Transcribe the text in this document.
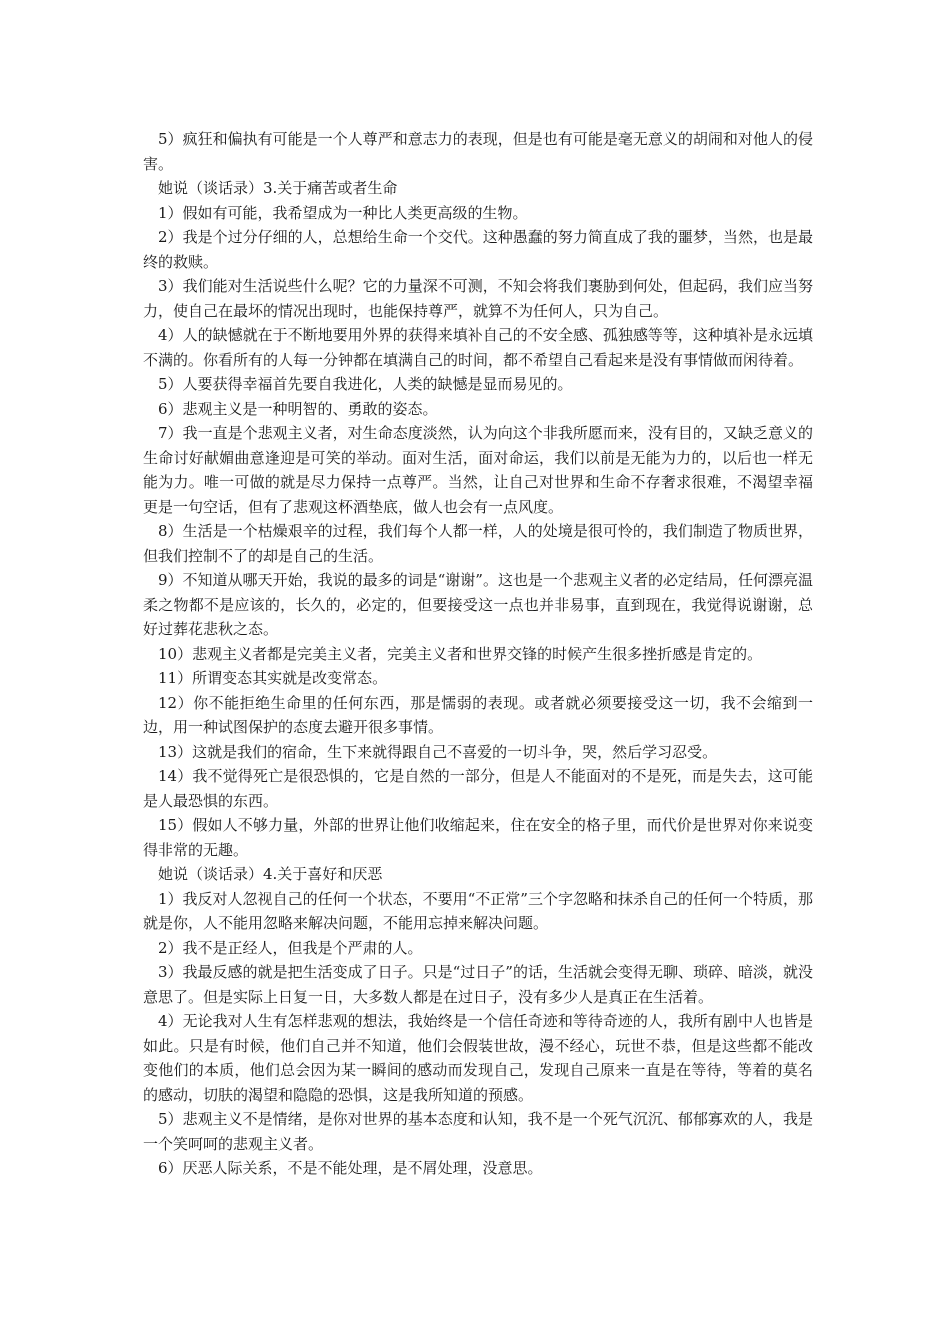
5）疯狂和偏执有可能是一个人尊严和意志力的表现，但是也有可能是毫无意义的胡闹和对他人的侵害。

她说（谈话录）3.关于痛苦或者生命

1）假如有可能，我希望成为一种比人类更高级的生物。

2）我是个过分仔细的人，总想给生命一个交代。这种愚蠢的努力简直成了我的噩梦，当然，也是最终的救赎。

3）我们能对生活说些什么呢？它的力量深不可测，不知会将我们裹胁到何处，但起码，我们应当努力，使自己在最坏的情况出现时，也能保持尊严，就算不为任何人，只为自己。

4）人的缺憾就在于不断地要用外界的获得来填补自己的不安全感、孤独感等等，这种填补是永远填不满的。你看所有的人每一分钟都在填满自己的时间，都不希望自己看起来是没有事情做而闲待着。

5）人要获得幸福首先要自我进化，人类的缺憾是显而易见的。

6）悲观主义是一种明智的、勇敢的姿态。

7）我一直是个悲观主义者，对生命态度淡然，认为向这个非我所愿而来，没有目的，又缺乏意义的生命讨好献媚曲意逢迎是可笑的举动。面对生活，面对命运，我们以前是无能为力的，以后也一样无能为力。唯一可做的就是尽力保持一点尊严。当然，让自己对世界和生命不存奢求很难，不渴望幸福更是一句空话，但有了悲观这杯酒垫底，做人也会有一点风度。

8）生活是一个枯燥艰辛的过程，我们每个人都一样，人的处境是很可怜的，我们制造了物质世界，但我们控制不了的却是自己的生活。

9）不知道从哪天开始，我说的最多的词是“谢谢”。这也是一个悲观主义者的必定结局，任何漂亮温柔之物都不是应该的，长久的，必定的，但要接受这一点也并非易事，直到现在，我觉得说谢谢，总好过葬花悲秋之态。

10）悲观主义者都是完美主义者，完美主义者和世界交锋的时候产生很多挫折感是肯定的。

11）所谓变态其实就是改变常态。

12）你不能拒绝生命里的任何东西，那是懦弱的表现。或者就必须要接受这一切，我不会缩到一边，用一种试图保护的态度去避开很多事情。

13）这就是我们的宿命，生下来就得跟自己不喜爱的一切斗争，哭，然后学习忍受。

14）我不觉得死亡是很恐惧的，它是自然的一部分，但是人不能面对的不是死，而是失去，这可能是人最恐惧的东西。

15）假如人不够力量，外部的世界让他们收缩起来，住在安全的格子里，而代价是世界对你来说变得非常的无趣。

她说（谈话录）4.关于喜好和厌恶

1）我反对人忽视自己的任何一个状态，不要用“不正常”三个字忽略和抹杀自己的任何一个特质，那就是你，人不能用忽略来解决问题，不能用忘掉来解决问题。

2）我不是正经人，但我是个严肃的人。

3）我最反感的就是把生活变成了日子。只是“过日子”的话，生活就会变得无聊、琐碎、暗淡，就没意思了。但是实际上日复一日，大多数人都是在过日子，没有多少人是真正在生活着。

4）无论我对人生有怎样悲观的想法，我始终是一个信任奇迹和等待奇迹的人，我所有剧中人也皆是如此。只是有时候，他们自己并不知道，他们会假装世故，漫不经心，玩世不恭，但是这些都不能改变他们的本质，他们总会因为某一瞬间的感动而发现自己，发现自己原来一直是在等待，等着的莫名的感动，切肤的渴望和隐隐的恐惧，这是我所知道的预感。

5）悲观主义不是情绪，是你对世界的基本态度和认知，我不是一个死气沉沉、郁郁寡欢的人，我是一个笑呵呵的悲观主义者。

6）厌恶人际关系，不是不能处理，是不屑处理，没意思。
